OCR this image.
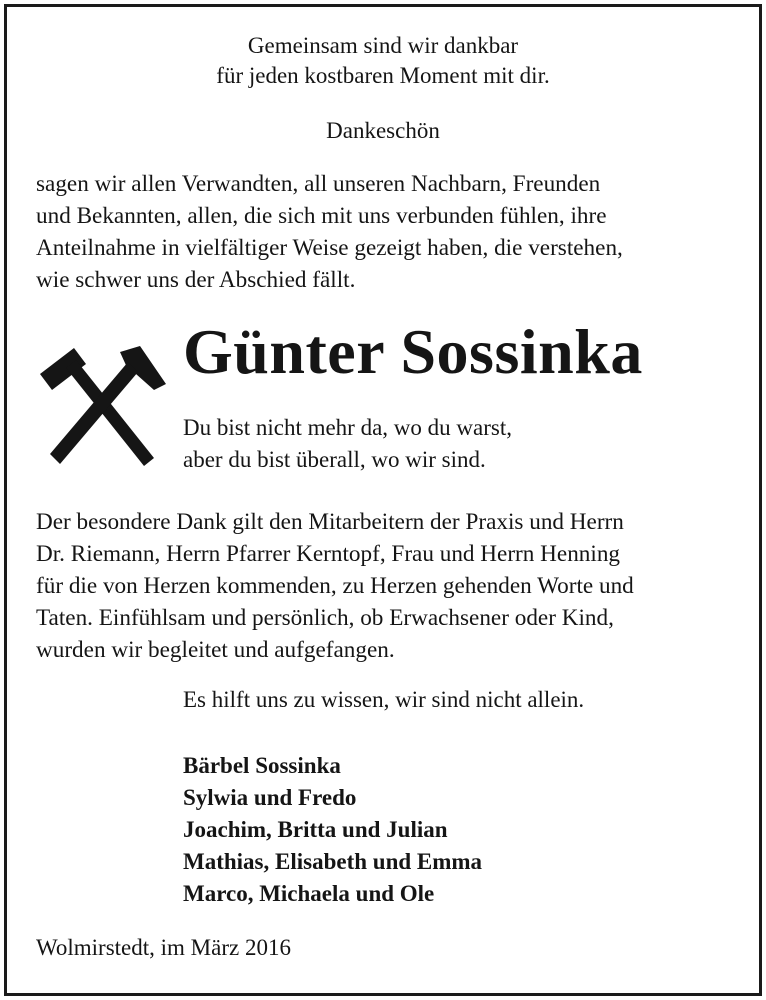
Gemeinsam sind wir dankbar
für jeden kostbaren Moment mit dir.
Dankeschön
sagen wir allen Verwandten, all unseren Nachbarn, Freunden
und Bekannten, allen, die sich mit uns verbunden fühlen, ihre
Anteilnahme in vielfältiger Weise gezeigt haben, die verstehen,
wie schwer uns der Abschied fällt.
Günter Sossinka
Du bist nicht mehr da, wo du warst,
aber du bist überall, wo wir sind.
Der besondere Dank gilt den Mitarbeitern der Praxis und Herrn
Dr. Riemann, Herrn Pfarrer Kerntopf, Frau und Herrn Henning
für die von Herzen kommenden, zu Herzen gehenden Worte und
Taten. Einfühlsam und persönlich, ob Erwachsener oder Kind,
wurden wir begleitet und aufgefangen.
Es hilft uns zu wissen, wir sind nicht allein.
Bärbel Sossinka
Sylwia und Fredo
Joachim, Britta und Julian
Mathias, Elisabeth und Emma
Marco, Michaela und Ole
Wolmirstedt, im März 2016
